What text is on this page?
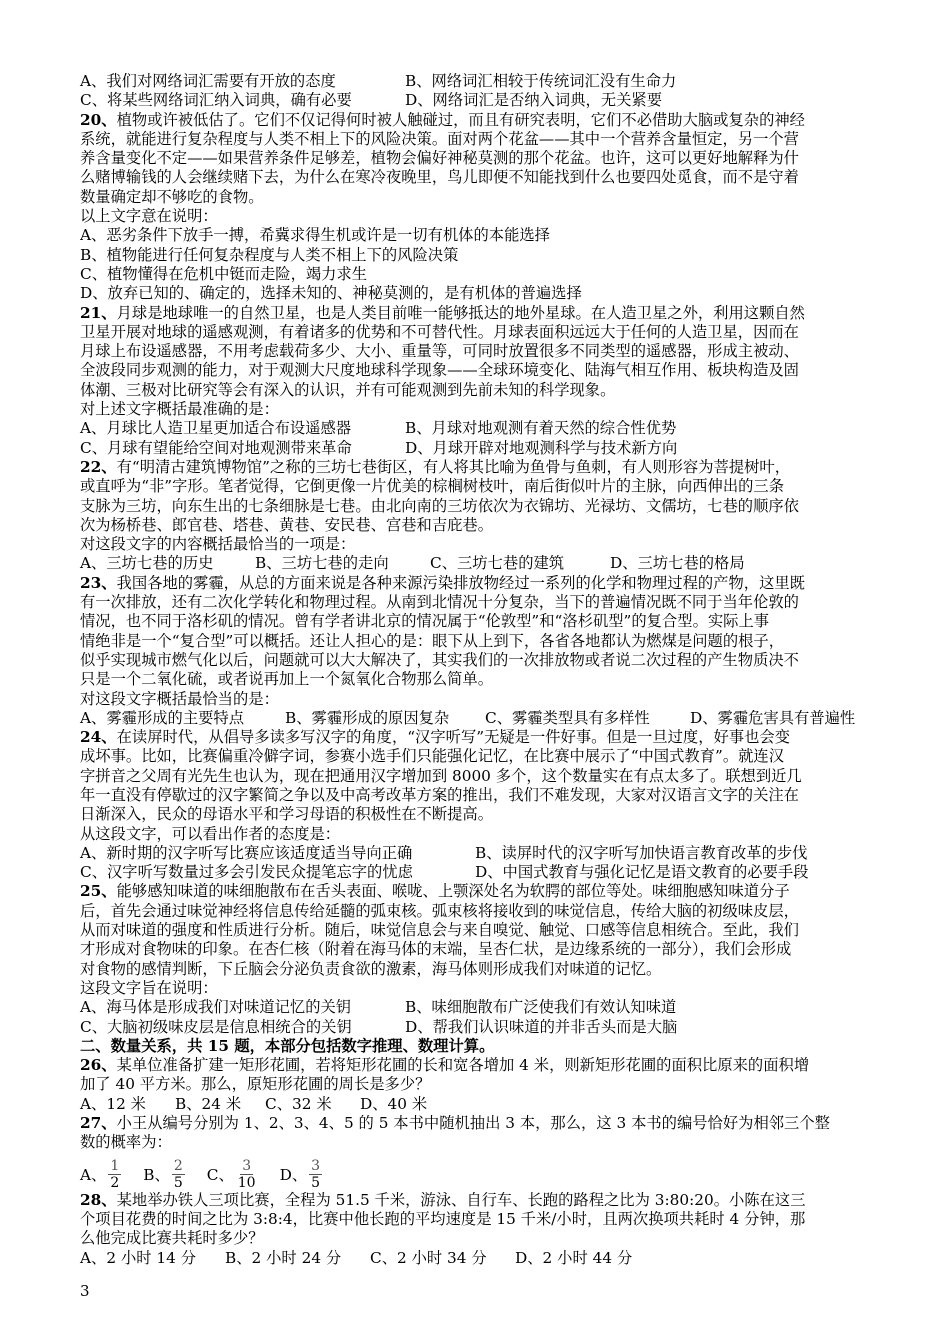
A、我们对网络词汇需要有开放的态度	B、网络词汇相较于传统词汇没有生命力
C、将某些网络词汇纳入词典，确有必要	D、网络词汇是否纳入词典，无关紧要
20、植物或许被低估了。它们不仅记得何时被人触碰过，而且有研究表明，它们不必借助大脑或复杂的神经
系统，就能进行复杂程度与人类不相上下的风险决策。面对两个花盆——其中一个营养含量恒定，另一个营
养含量变化不定——如果营养条件足够差，植物会偏好神秘莫测的那个花盆。也许，这可以更好地解释为什
么赌博输钱的人会继续赌下去，为什么在寒冷夜晚里，鸟儿即便不知能找到什么也要四处觅食，而不是守着
数量确定却不够吃的食物。
以上文字意在说明：
A、恶劣条件下放手一搏，希冀求得生机或许是一切有机体的本能选择
B、植物能进行任何复杂程度与人类不相上下的风险决策
C、植物懂得在危机中铤而走险，竭力求生
D、放弃已知的、确定的，选择未知的、神秘莫测的，是有机体的普遍选择
21、月球是地球唯一的自然卫星，也是人类目前唯一能够抵达的地外星球。在人造卫星之外，利用这颗自然
卫星开展对地球的遥感观测，有着诸多的优势和不可替代性。月球表面积远远大于任何的人造卫星，因而在
月球上布设遥感器，不用考虑载荷多少、大小、重量等，可同时放置很多不同类型的遥感器，形成主被动、
全波段同步观测的能力，对于观测大尺度地球科学现象——全球环境变化、陆海气相互作用、板块构造及固
体潮、三极对比研究等会有深入的认识，并有可能观测到先前未知的科学现象。
对上述文字概括最准确的是：
A、月球比人造卫星更加适合布设遥感器	B、月球对地观测有着天然的综合性优势
C、月球有望能给空间对地观测带来革命	D、月球开辟对地观测科学与技术新方向
22、有“明清古建筑博物馆”之称的三坊七巷街区，有人将其比喻为鱼骨与鱼刺，有人则形容为菩提树叶，
或直呼为“非”字形。笔者觉得，它倒更像一片优美的棕榈树枝叶，南后街似叶片的主脉，向西伸出的三条
支脉为三坊，向东生出的七条细脉是七巷。由北向南的三坊依次为衣锦坊、光禄坊、文儒坊，七巷的顺序依
次为杨桥巷、郎官巷、塔巷、黄巷、安民巷、宫巷和吉庇巷。
对这段文字的内容概括最恰当的一项是：
A、三坊七巷的历史	B、三坊七巷的走向	C、三坊七巷的建筑	D、三坊七巷的格局
23、我国各地的雾霾，从总的方面来说是各种来源污染排放物经过一系列的化学和物理过程的产物，这里既
有一次排放，还有二次化学转化和物理过程。从南到北情况十分复杂，当下的普遍情况既不同于当年伦敦的
情况，也不同于洛杉矶的情况。曾有学者讲北京的情况属于“伦敦型”和“洛杉矶型”的复合型。实际上事
情绝非是一个“复合型”可以概括。还让人担心的是：眼下从上到下，各省各地都认为燃煤是问题的根子，
似乎实现城市燃气化以后，问题就可以大大解决了，其实我们的一次排放物或者说二次过程的产生物质决不
只是一个二氧化硫，或者说再加上一个氮氧化合物那么简单。
对这段文字概括最恰当的是：
A、雾霾形成的主要特点	B、雾霾形成的原因复杂	C、雾霾类型具有多样性	D、雾霾危害具有普遍性
24、在读屏时代，从倡导多读多写汉字的角度，“汉字听写”无疑是一件好事。但是一旦过度，好事也会变
成坏事。比如，比赛偏重冷僻字词，参赛小选手们只能强化记忆，在比赛中展示了“中国式教育”。就连汉
字拼音之父周有光先生也认为，现在把通用汉字增加到 8000 多个，这个数量实在有点太多了。联想到近几
年一直没有停歇过的汉字繁简之争以及中高考改革方案的推出，我们不难发现，大家对汉语言文字的关注在
日渐深入，民众的母语水平和学习母语的积极性在不断提高。
从这段文字，可以看出作者的态度是：
A、新时期的汉字听写比赛应该适度适当导向正确	B、读屏时代的汉字听写加快语言教育改革的步伐
C、汉字听写数量过多会引发民众提笔忘字的忧虑	D、中国式教育与强化记忆是语文教育的必要手段
25、能够感知味道的味细胞散布在舌头表面、喉咙、上颚深处名为软腭的部位等处。味细胞感知味道分子
后，首先会通过味觉神经将信息传给延髓的弧束核。弧束核将接收到的味觉信息，传给大脑的初级味皮层，
从而对味道的强度和性质进行分析。随后，味觉信息会与来自嗅觉、触觉、口感等信息相统合。至此，我们
才形成对食物味的印象。在杏仁核（附着在海马体的末端，呈杏仁状，是边缘系统的一部分），我们会形成
对食物的感情判断，下丘脑会分泌负责食欲的激素，海马体则形成我们对味道的记忆。
这段文字旨在说明：
A、海马体是形成我们对味道记忆的关钥	B、味细胞散布广泛使我们有效认知味道
C、大脑初级味皮层是信息相统合的关钥	D、帮我们认识味道的并非舌头而是大脑
二、数量关系，共 15 题，本部分包括数字推理、数理计算。
26、某单位准备扩建一矩形花圃，若将矩形花圃的长和宽各增加 4 米，则新矩形花圃的面积比原来的面积增
加了 40 平方米。那么，原矩形花圃的周长是多少？
A、12 米	B、24 米	C、32 米	D、40 米
27、小王从编号分别为 1、2、3、4、5 的 5 本书中随机抽出 3 本，那么，这 3 本书的编号恰好为相邻三个整
数的概率为：
A、 $\frac{1}{2}$ B、 $\frac{2}{5}$ C、 $\frac{3}{10}$ D、 $\frac{3}{5}$
28、某地举办铁人三项比赛，全程为 51.5 千米，游泳、自行车、长跑的路程之比为 3:80:20。小陈在这三
个项目花费的时间之比为 3:8:4，比赛中他长跑的平均速度是 15 千米/小时，且两次换项共耗时 4 分钟，那
么他完成比赛共耗时多少？
A、2 小时 14 分	B、2 小时 24 分	C、2 小时 34 分	D、2 小时 44 分
3
